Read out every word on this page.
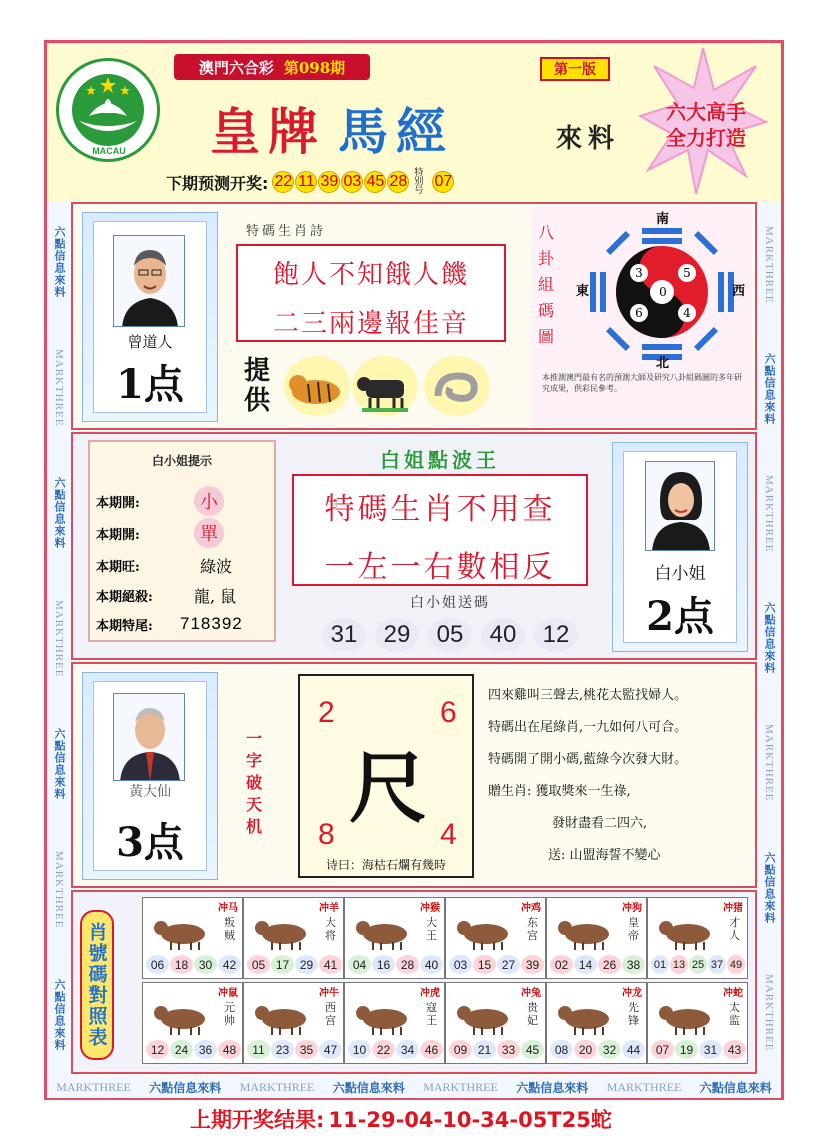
MACAU
澳門六合彩 第098期	第一版
皇牌 馬經	來料
六大高手
全力打造
下期预测开奖: 22 11 39 03 45 28
特别号
07
六點信息來料
MARKTHREE
六點信息來料
MARKTHREE
六點信息來料
MARKTHREE
六點信息來料
MARKTHREE
六點信息來料
MARKTHREE
六點信息來料
MARKTHREE
六點信息來料
MARKTHREE
MARKTHREE 六點信息來料 MARKTHREE 六點信息來料 MARKTHREE 六點信息來料 MARKTHREE 六點信息來料
曾道人
1点
特碼生肖詩
飽人不知餓人饑
二三兩邊報佳音
提供
八卦組碼圖
南
北
東	西
3	5
0
6	4
本推測澳門最有名的預測大師及研究八卦組碼圖的多年研究成果，供彩民參考。
白小姐提示
本期開:	小
本期開:	單
本期旺:	綠波
本期絕殺:	龍, 鼠
本期特尾:	718392
白姐點波王
特碼生肖不用查
一左一右數相反
白小姐送碼
31	29	05	40	12
白小姐
2点
黃大仙
3点
一字破天机
2	6
尺
8	4
诗曰：海枯石爛有幾時
四來雞叫三聲去,桃花太監找婦人。
特碼出在尾綠肖,一九如何八可合。
特碼開了開小碼,藍綠今次發大財。
贈生肖: 獲取獎來一生祿,
發財盡看二四六,
送: 山盟海誓不變心
肖號碼對照表
冲马
叛贼
06 18 30 42
冲羊
大将
05 17 29 41
冲猴
大王
04 16 28 40
冲鸡
东宫
03 15 27 39
冲狗
皇帝
02 14 26 38
冲猪
才人
01 13 25 37 49
冲鼠
元帅
12 24 36 48
冲牛
西宫
11 23 35 47
冲虎
寇王
10 22 34 46
冲兔
贵妃
09 21 33 45
冲龙
先锋
08 20 32 44
冲蛇
太监
07 19 31 43
上期开奖结果: 11-29-04-10-34-05T25蛇
